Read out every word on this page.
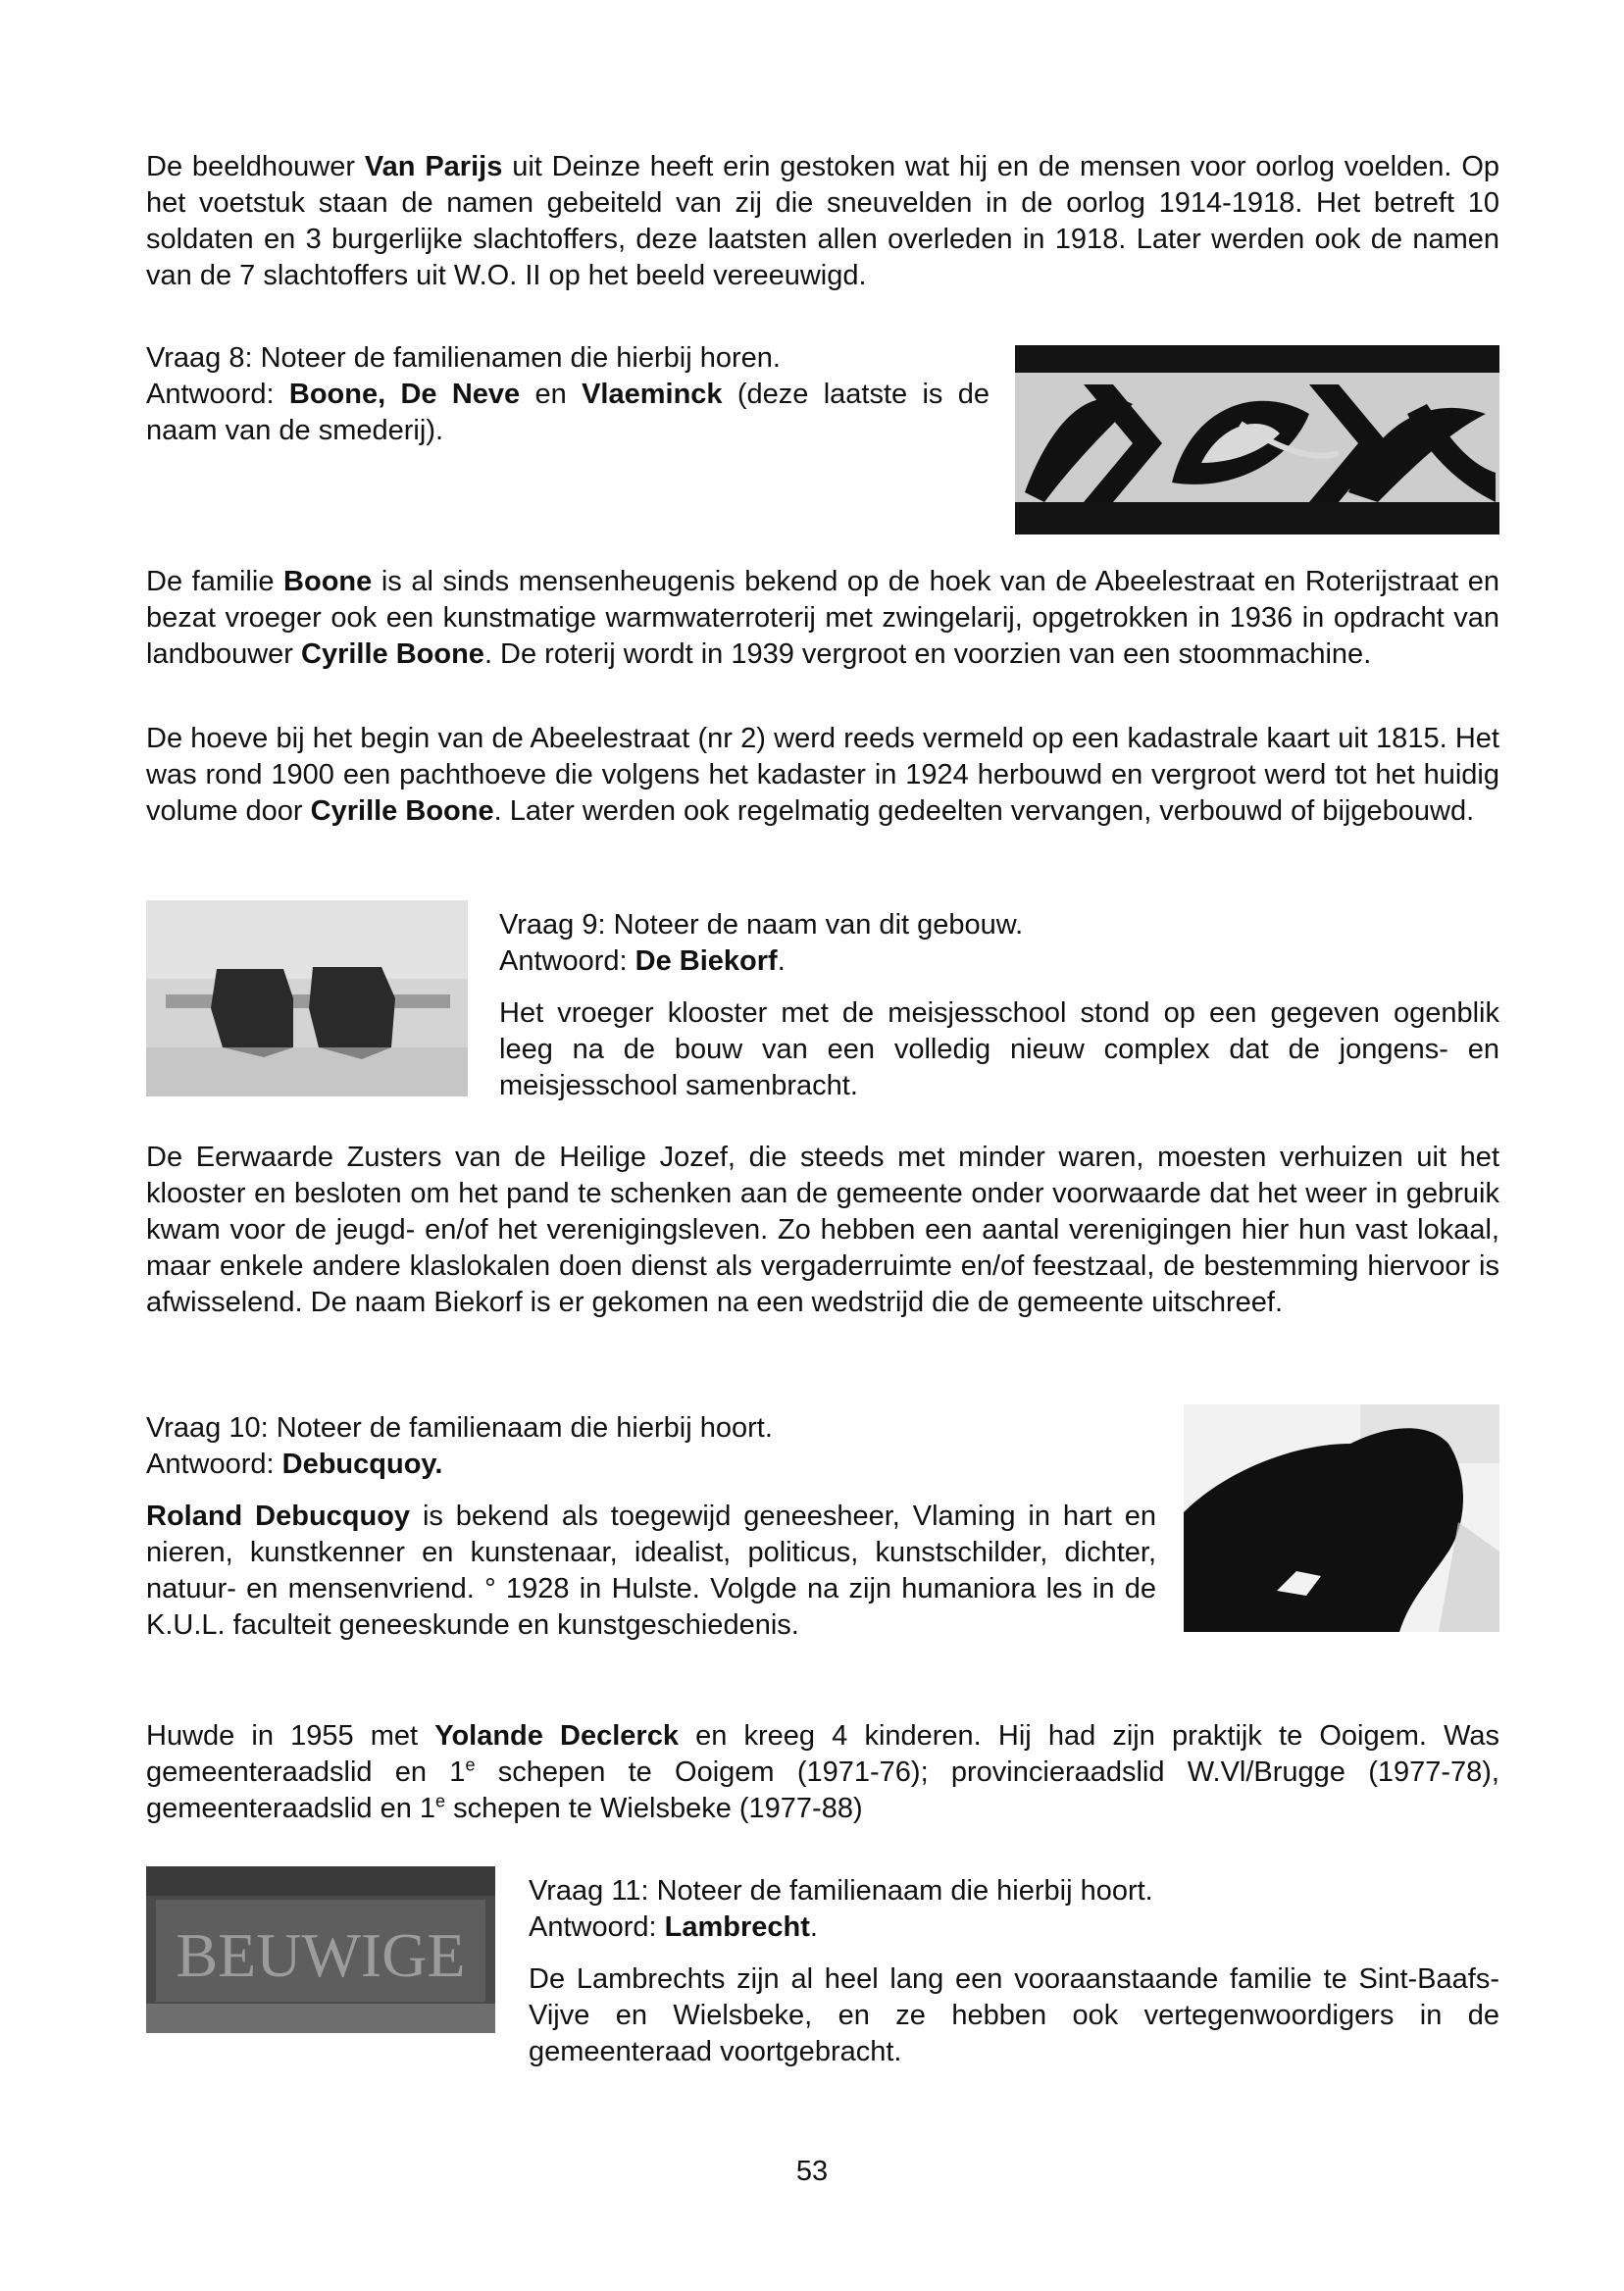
De beeldhouwer Van Parijs uit Deinze heeft erin gestoken wat hij en de mensen voor oorlog voelden. Op het voetstuk staan de namen gebeiteld van zij die sneuvelden in de oorlog 1914-1918. Het betreft 10 soldaten en 3 burgerlijke slachtoffers, deze laatsten allen overleden in 1918. Later werden ook de namen van de 7 slachtoffers uit W.O. II op het beeld vereeuwigd.

Vraag 8: Noteer de familienamen die hierbij horen.
Antwoord: Boone, De Neve en Vlaeminck (deze laatste is de naam van de smederij).

De familie Boone is al sinds mensenheugenis bekend op de hoek van de Abeelestraat en Roterijstraat en bezat vroeger ook een kunstmatige warmwaterroterij met zwingelarij, opgetrokken in 1936 in opdracht van landbouwer Cyrille Boone. De roterij wordt in 1939 vergroot en voorzien van een stoommachine.

De hoeve bij het begin van de Abeelestraat (nr 2) werd reeds vermeld op een kadastrale kaart uit 1815. Het was rond 1900 een pachthoeve die volgens het kadaster in 1924 herbouwd en vergroot werd tot het huidig volume door Cyrille Boone. Later werden ook regelmatig gedeelten vervangen, verbouwd of bijgebouwd.

Vraag 9: Noteer de naam van dit gebouw.
Antwoord: De Biekorf.

Het vroeger klooster met de meisjesschool stond op een gegeven ogenblik leeg na de bouw van een volledig nieuw complex dat de jongens- en meisjesschool samenbracht.

De Eerwaarde Zusters van de Heilige Jozef, die steeds met minder waren, moesten verhuizen uit het klooster en besloten om het pand te schenken aan de gemeente onder voorwaarde dat het weer in gebruik kwam voor de jeugd- en/of het verenigingsleven. Zo hebben een aantal verenigingen hier hun vast lokaal, maar enkele andere klaslokalen doen dienst als vergaderruimte en/of feestzaal, de bestemming hiervoor is afwisselend. De naam Biekorf is er gekomen na een wedstrijd die de gemeente uitschreef.

Vraag 10: Noteer de familienaam die hierbij hoort.
Antwoord: Debucquoy.

Roland Debucquoy is bekend als toegewijd geneesheer, Vlaming in hart en nieren, kunstkenner en kunstenaar, idealist, politicus, kunstschilder, dichter, natuur- en mensenvriend. ° 1928 in Hulste. Volgde na zijn humaniora les in de K.U.L. faculteit geneeskunde en kunstgeschiedenis.

Huwde in 1955 met Yolande Declerck en kreeg 4 kinderen. Hij had zijn praktijk te Ooigem. Was gemeenteraadslid en 1e schepen te Ooigem (1971-76); provincieraadslid W.Vl/Brugge (1977-78), gemeenteraadslid en 1e schepen te Wielsbeke (1977-88)

BEUWIGE
Vraag 11: Noteer de familienaam die hierbij hoort.
Antwoord: Lambrecht.

De Lambrechts zijn al heel lang een vooraanstaande familie te Sint-Baafs-Vijve en Wielsbeke, en ze hebben ook vertegenwoordigers in de gemeenteraad voortgebracht.

53
